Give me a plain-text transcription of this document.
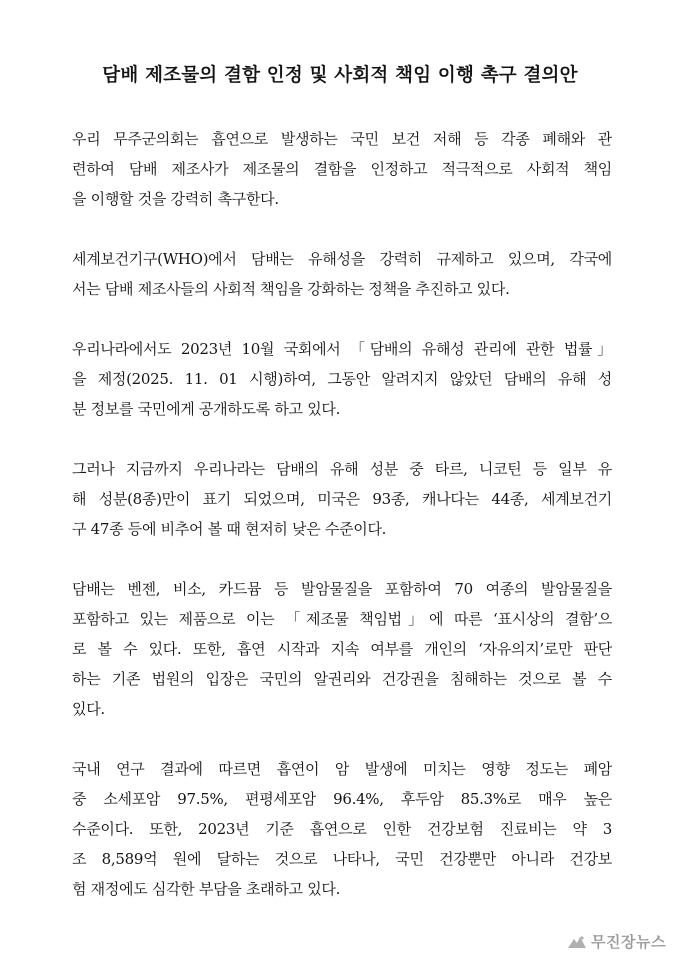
담배 제조물의 결함 인정 및 사회적 책임 이행 촉구 결의안
우리 무주군의회는 흡연으로 발생하는 국민 보건 저해 등 각종 폐해와 관
련하여 담배 제조사가 제조물의 결함을 인정하고 적극적으로 사회적 책임
을 이행할 것을 강력히 촉구한다.
세계보건기구(WHO)에서 담배는 유해성을 강력히 규제하고 있으며, 각국에
서는 담배 제조사들의 사회적 책임을 강화하는 정책을 추진하고 있다.
우리나라에서도 2023년 10월 국회에서 「담배의 유해성 관리에 관한 법률」
을 제정(2025. 11. 01 시행)하여, 그동안 알려지지 않았던 담배의 유해 성
분 정보를 국민에게 공개하도록 하고 있다.
그러나 지금까지 우리나라는 담배의 유해 성분 중 타르, 니코틴 등 일부 유
해 성분(8종)만이 표기 되었으며, 미국은 93종, 캐나다는 44종, 세계보건기
구 47종 등에 비추어 볼 때 현저히 낮은 수준이다.
담배는 벤젠, 비소, 카드뮴 등 발암물질을 포함하여 70 여종의 발암물질을
포함하고 있는 제품으로 이는 「제조물 책임법」에 따른 ‘표시상의 결함’으
로 볼 수 있다. 또한, 흡연 시작과 지속 여부를 개인의 ‘자유의지’로만 판단
하는 기존 법원의 입장은 국민의 알권리와 건강권을 침해하는 것으로 볼 수
있다.
국내 연구 결과에 따르면 흡연이 암 발생에 미치는 영향 정도는 폐암
중 소세포암 97.5%, 편평세포암 96.4%, 후두암 85.3%로 매우 높은
수준이다. 또한, 2023년 기준 흡연으로 인한 건강보험 진료비는 약 3
조 8,589억 원에 달하는 것으로 나타나, 국민 건강뿐만 아니라 건강보
험 재정에도 심각한 부담을 초래하고 있다.
무진장뉴스
